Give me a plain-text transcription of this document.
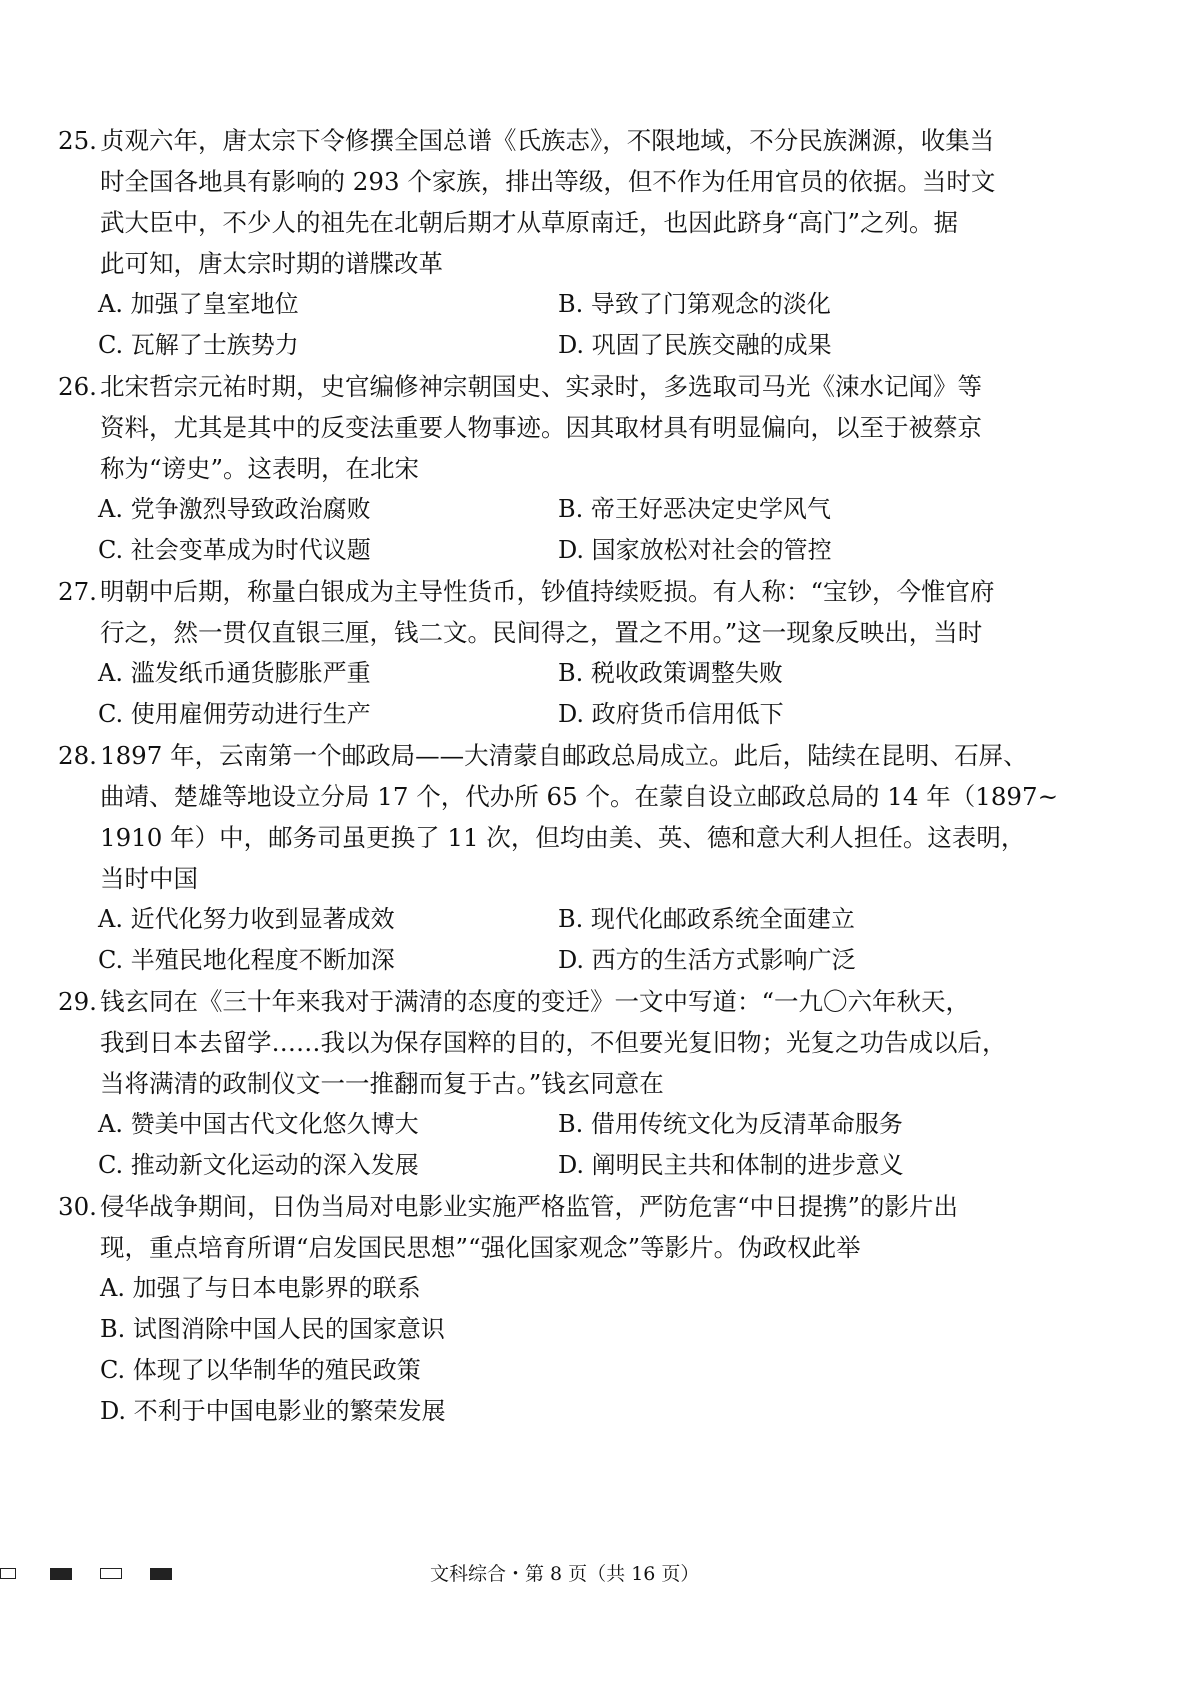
25. 贞观六年，唐太宗下令修撰全国总谱《氏族志》，不限地域，不分民族渊源，收集当
时全国各地具有影响的 293 个家族，排出等级，但不作为任用官员的依据。当时文
武大臣中，不少人的祖先在北朝后期才从草原南迁，也因此跻身“高门”之列。据
此可知，唐太宗时期的谱牒改革
A. 加强了皇室地位	B. 导致了门第观念的淡化
C. 瓦解了士族势力	D. 巩固了民族交融的成果
26. 北宋哲宗元祐时期，史官编修神宗朝国史、实录时，多选取司马光《涑水记闻》等
资料，尤其是其中的反变法重要人物事迹。因其取材具有明显偏向，以至于被蔡京
称为“谤史”。这表明，在北宋
A. 党争激烈导致政治腐败	B. 帝王好恶决定史学风气
C. 社会变革成为时代议题	D. 国家放松对社会的管控
27. 明朝中后期，称量白银成为主导性货币，钞值持续贬损。有人称：“宝钞，今惟官府
行之，然一贯仅直银三厘，钱二文。民间得之，置之不用。”这一现象反映出，当时
A. 滥发纸币通货膨胀严重	B. 税收政策调整失败
C. 使用雇佣劳动进行生产	D. 政府货币信用低下
28. 1897 年，云南第一个邮政局——大清蒙自邮政总局成立。此后，陆续在昆明、石屏、
曲靖、楚雄等地设立分局 17 个，代办所 65 个。在蒙自设立邮政总局的 14 年（1897~
1910 年）中，邮务司虽更换了 11 次，但均由美、英、德和意大利人担任。这表明，
当时中国
A. 近代化努力收到显著成效	B. 现代化邮政系统全面建立
C. 半殖民地化程度不断加深	D. 西方的生活方式影响广泛
29. 钱玄同在《三十年来我对于满清的态度的变迁》一文中写道：“一九〇六年秋天，
我到日本去留学……我以为保存国粹的目的，不但要光复旧物；光复之功告成以后，
当将满清的政制仪文一一推翻而复于古。”钱玄同意在
A. 赞美中国古代文化悠久博大	B. 借用传统文化为反清革命服务
C. 推动新文化运动的深入发展	D. 阐明民主共和体制的进步意义
30. 侵华战争期间，日伪当局对电影业实施严格监管，严防危害“中日提携”的影片出
现，重点培育所谓“启发国民思想”“强化国家观念”等影片。伪政权此举
A. 加强了与日本电影界的联系
B. 试图消除中国人民的国家意识
C. 体现了以华制华的殖民政策
D. 不利于中国电影业的繁荣发展
文科综合・第 8 页（共 16 页）
